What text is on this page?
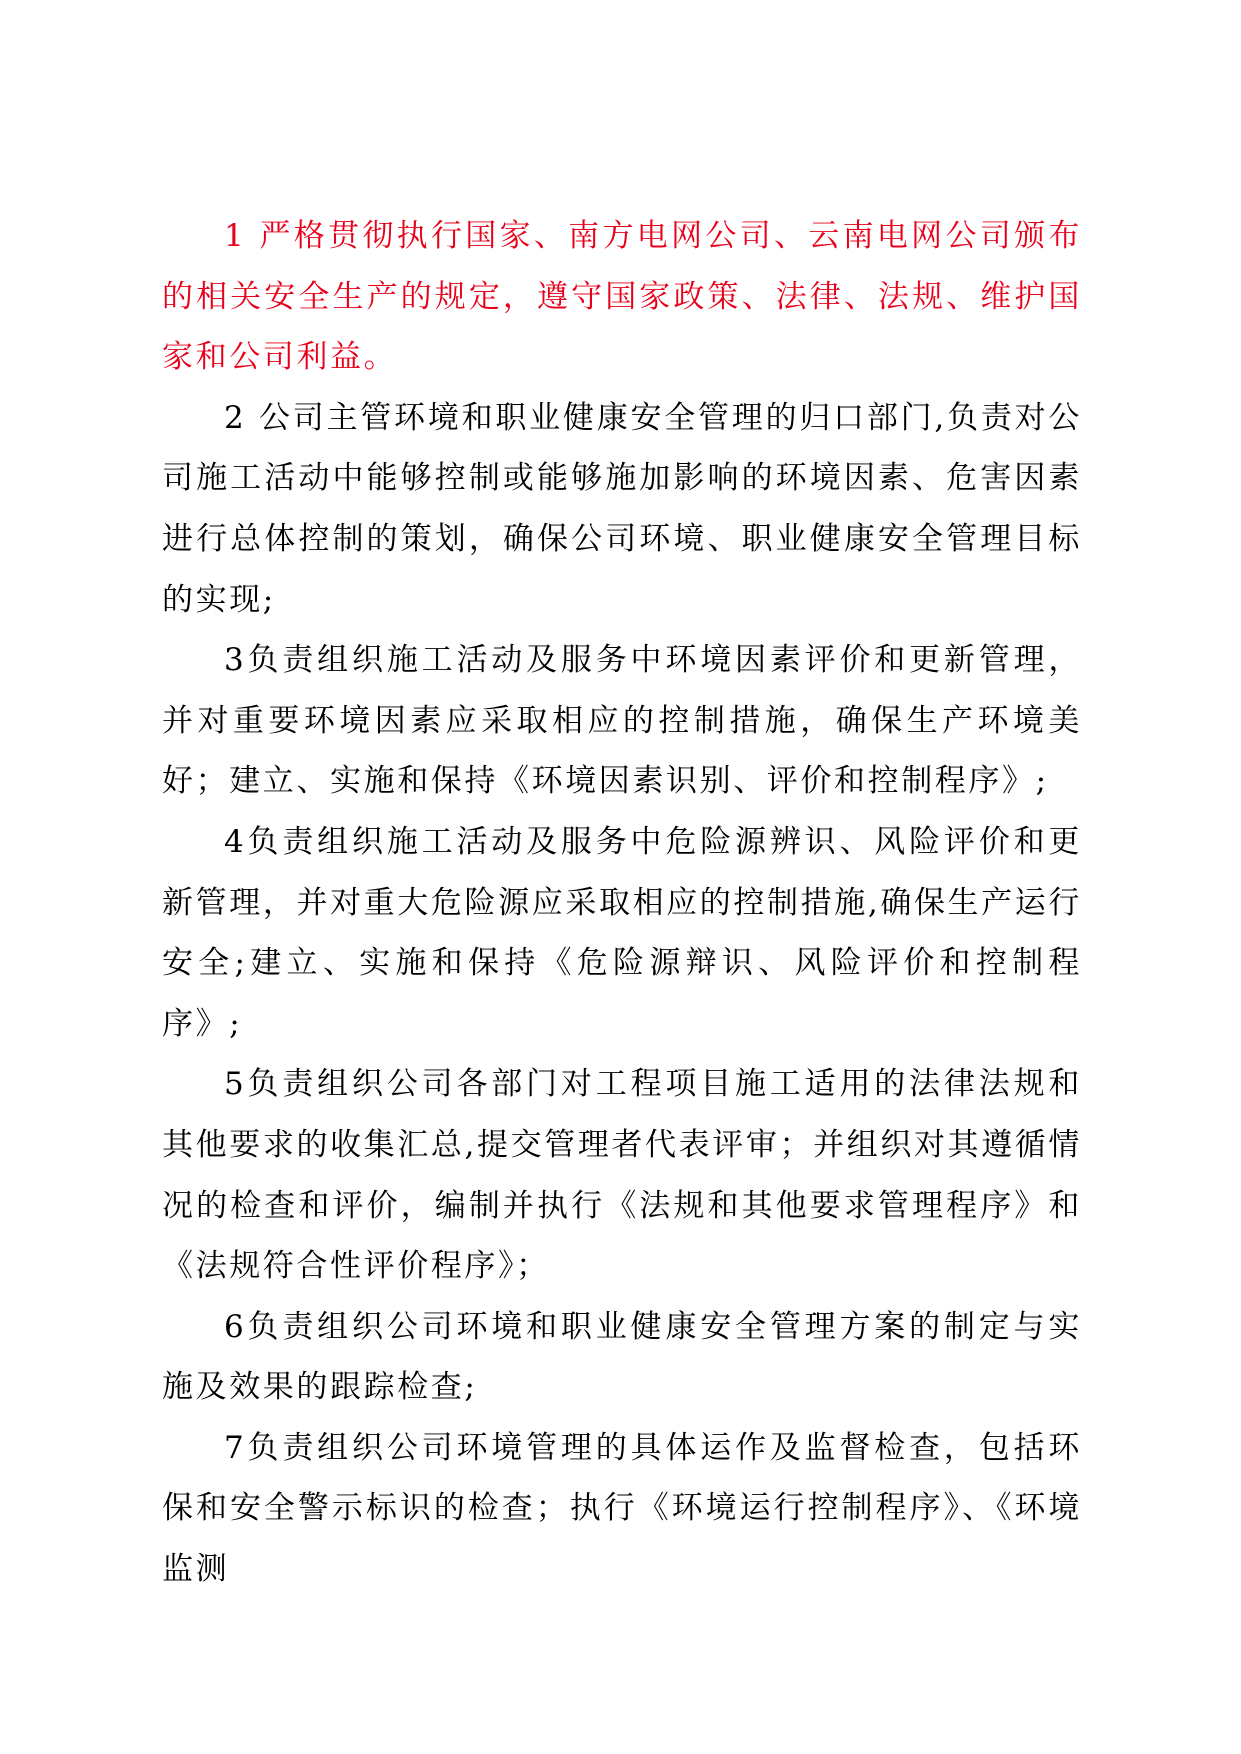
1 严格贯彻执行国家、南方电网公司、云南电网公司颁布的相关安全生产的规定，遵守国家政策、法律、法规、维护国家和公司利益。

2 公司主管环境和职业健康安全管理的归口部门,负责对公司施工活动中能够控制或能够施加影响的环境因素、危害因素进行总体控制的策划，确保公司环境、职业健康安全管理目标的实现;

3负责组织施工活动及服务中环境因素评价和更新管理，并对重要环境因素应采取相应的控制措施，确保生产环境美好；建立、实施和保持《环境因素识别、评价和控制程序》;

4负责组织施工活动及服务中危险源辨识、风险评价和更新管理，并对重大危险源应采取相应的控制措施,确保生产运行安全;建立、实施和保持《危险源辩识、风险评价和控制程序》;

5负责组织公司各部门对工程项目施工适用的法律法规和其他要求的收集汇总,提交管理者代表评审；并组织对其遵循情况的检查和评价，编制并执行《法规和其他要求管理程序》和《法规符合性评价程序》；

6负责组织公司环境和职业健康安全管理方案的制定与实施及效果的跟踪检查;

7负责组织公司环境管理的具体运作及监督检查，包括环保和安全警示标识的检查；执行《环境运行控制程序》、《环境监测
